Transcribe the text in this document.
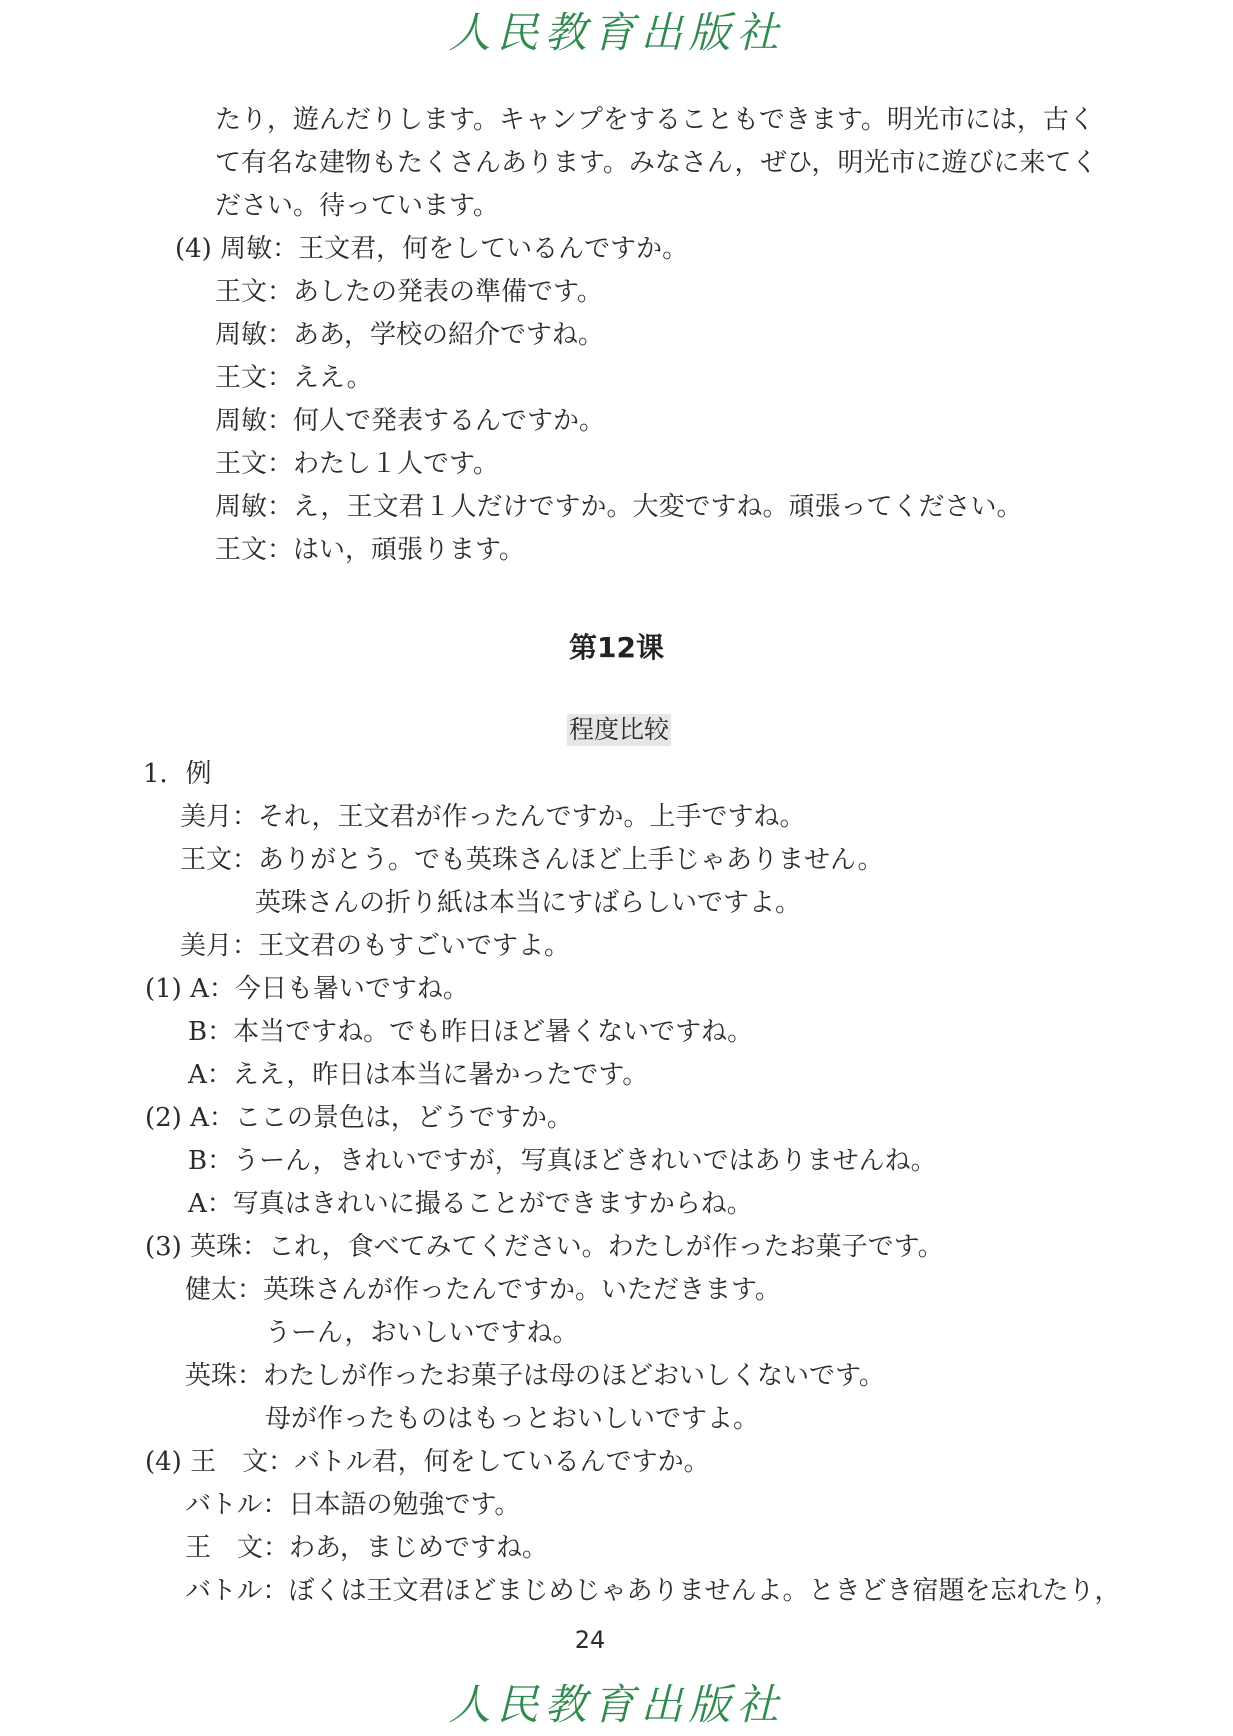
人民教育出版社
たり，遊んだりします。キャンプをすることもできます。明光市には，古く
て有名な建物もたくさんあります。みなさん，ぜひ，明光市に遊びに来てく
ださい。待っています。
(4) 周敏：王文君，何をしているんですか。
王文：あしたの発表の準備です。
周敏：ああ，学校の紹介ですね。
王文：ええ。
周敏：何人で発表するんですか。
王文：わたし１人です。
周敏：え，王文君１人だけですか。大変ですね。頑張ってください。
王文：はい，頑張ります。
第12课
程度比较
1．例
美月：それ，王文君が作ったんですか。上手ですね。
王文：ありがとう。でも英珠さんほど上手じゃありません。
英珠さんの折り紙は本当にすばらしいですよ。
美月：王文君のもすごいですよ。
(1) A：今日も暑いですね。
B：本当ですね。でも昨日ほど暑くないですね。
A：ええ，昨日は本当に暑かったです。
(2) A：ここの景色は，どうですか。
B：うーん，きれいですが，写真ほどきれいではありませんね。
A：写真はきれいに撮ることができますからね。
(3) 英珠：これ，食べてみてください。わたしが作ったお菓子です。
健太：英珠さんが作ったんですか。いただきます。
うーん，おいしいですね。
英珠：わたしが作ったお菓子は母のほどおいしくないです。
母が作ったものはもっとおいしいですよ。
(4) 王　文：バトル君，何をしているんですか。
バトル：日本語の勉強です。
王　文：わあ，まじめですね。
バトル：ぼくは王文君ほどまじめじゃありませんよ。ときどき宿題を忘れたり，
24
人民教育出版社
